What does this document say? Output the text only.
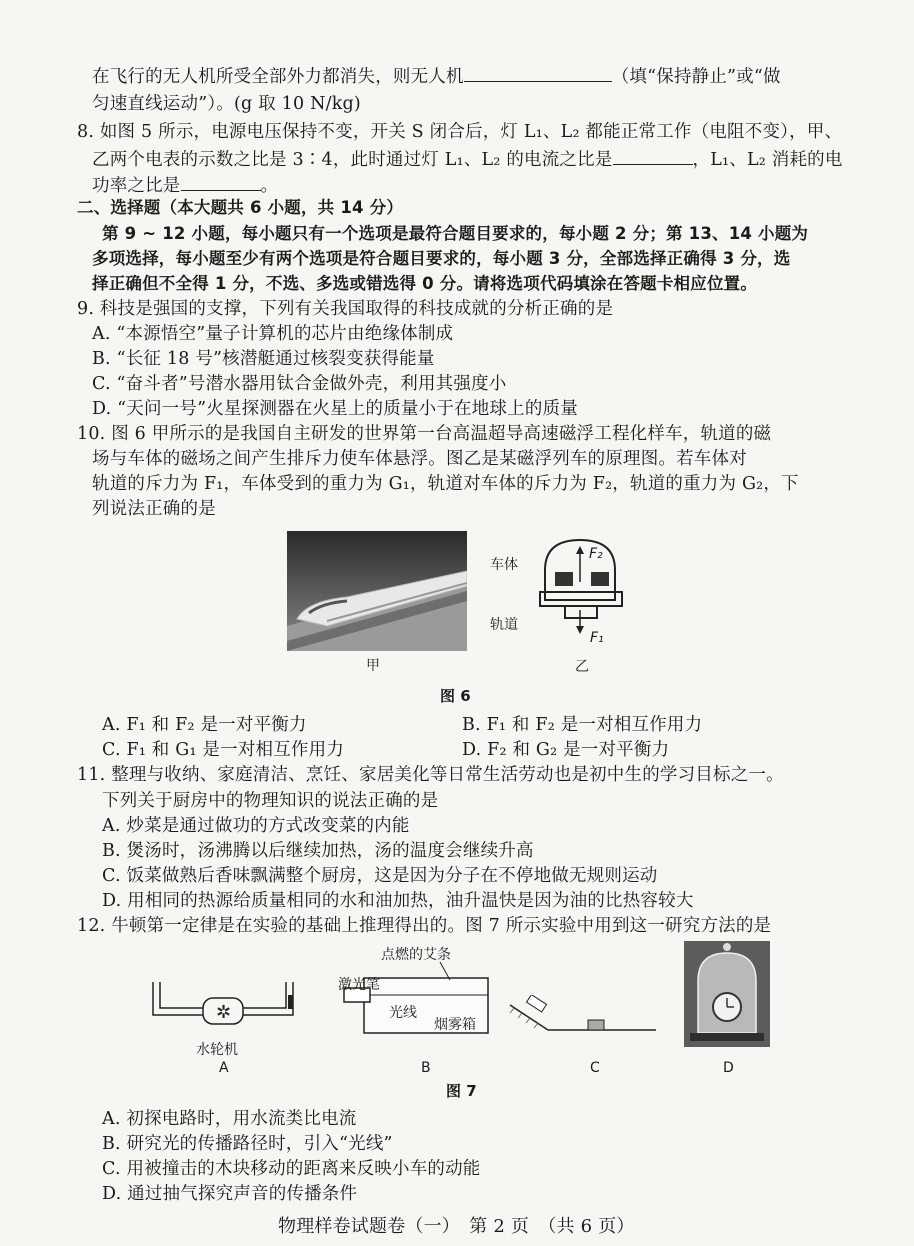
在飞行的无人机所受全部外力都消失，则无人机	（填“保持静止”或“做
匀速直线运动”）。(g 取 10 N/kg)
8. 如图 5 所示，电源电压保持不变，开关 S 闭合后，灯 L₁、L₂ 都能正常工作（电阻不变），甲、
乙两个电表的示数之比是 3∶4，此时通过灯 L₁、L₂ 的电流之比是	，L₁、L₂ 消耗的电
功率之比是	。
二、选择题（本大题共 6 小题，共 14 分）
第 9 ~ 12 小题，每小题只有一个选项是最符合题目要求的，每小题 2 分；第 13、14 小题为
多项选择，每小题至少有两个选项是符合题目要求的，每小题 3 分，全部选择正确得 3 分，选
择正确但不全得 1 分，不选、多选或错选得 0 分。请将选项代码填涂在答题卡相应位置。
9. 科技是强国的支撑，下列有关我国取得的科技成就的分析正确的是
A. “本源悟空”量子计算机的芯片由绝缘体制成
B. “长征 18 号”核潜艇通过核裂变获得能量
C. “奋斗者”号潜水器用钛合金做外壳，利用其强度小
D. “天问一号”火星探测器在火星上的质量小于在地球上的质量
10. 图 6 甲所示的是我国自主研发的世界第一台高温超导高速磁浮工程化样车，轨道的磁
场与车体的磁场之间产生排斥力使车体悬浮。图乙是某磁浮列车的原理图。若车体对
轨道的斥力为 F₁，车体受到的重力为 G₁，轨道对车体的斥力为 F₂，轨道的重力为 G₂，下
列说法正确的是
甲
车体
轨道
F₂
F₁
乙
图 6
A. F₁ 和 F₂ 是一对平衡力	B. F₁ 和 F₂ 是一对相互作用力
C. F₁ 和 G₁ 是一对相互作用力	D. F₂ 和 G₂ 是一对平衡力
11. 整理与收纳、家庭清洁、烹饪、家居美化等日常生活劳动也是初中生的学习目标之一。
下列关于厨房中的物理知识的说法正确的是
A. 炒菜是通过做功的方式改变菜的内能
B. 煲汤时，汤沸腾以后继续加热，汤的温度会继续升高
C. 饭菜做熟后香味飘满整个厨房，这是因为分子在不停地做无规则运动
D. 用相同的热源给质量相同的水和油加热，油升温快是因为油的比热容较大
12. 牛顿第一定律是在实验的基础上推理得出的。图 7 所示实验中用到这一研究方法的是
✲
水轮机
A
点燃的艾条
激光笔
光线
烟雾箱
B	C	D
图 7
A. 初探电路时，用水流类比电流
B. 研究光的传播路径时，引入“光线”
C. 用被撞击的木块移动的距离来反映小车的动能
D. 通过抽气探究声音的传播条件
物理样卷试题卷（一）　第 2 页　（共 6 页）
